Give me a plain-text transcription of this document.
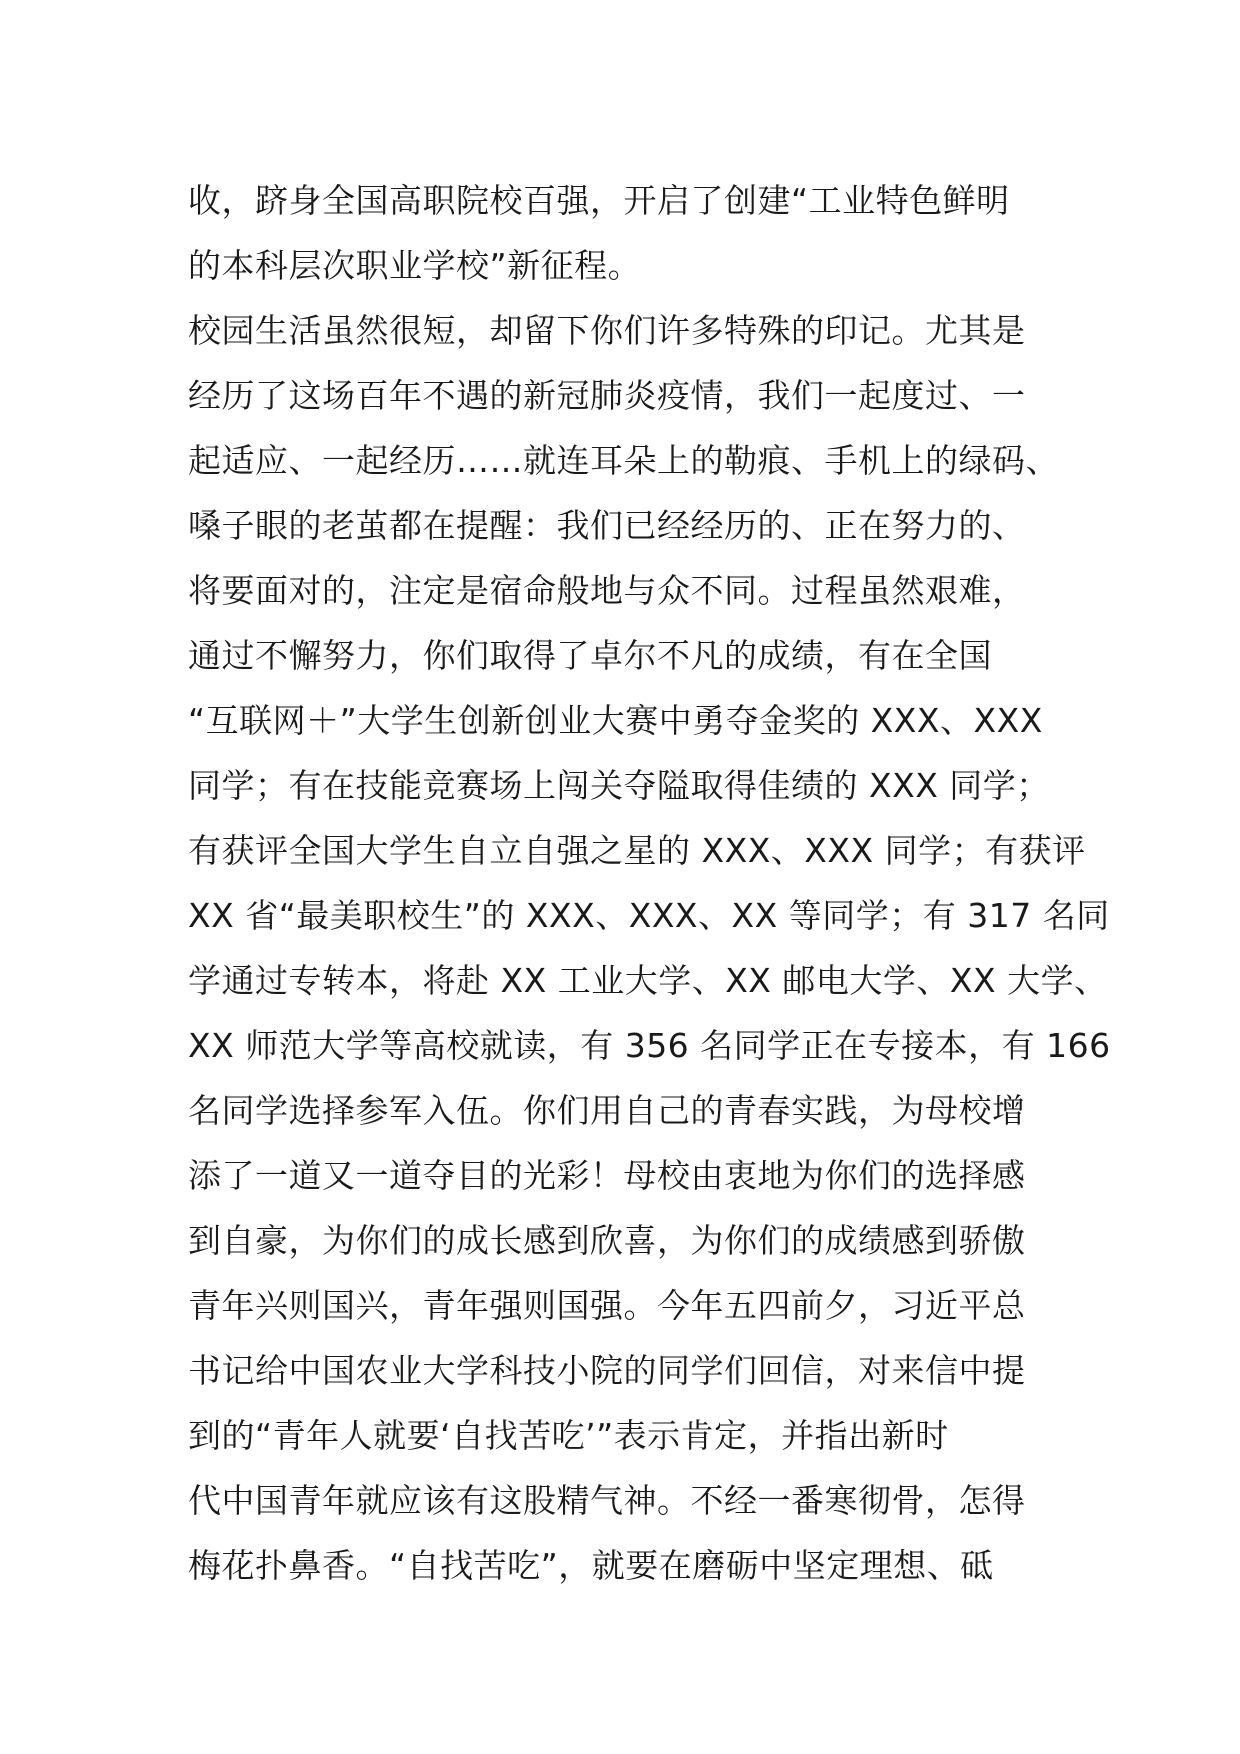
收，跻身全国高职院校百强，开启了创建“工业特色鲜明
的本科层次职业学校”新征程。
校园生活虽然很短，却留下你们许多特殊的印记。尤其是
经历了这场百年不遇的新冠肺炎疫情，我们一起度过、一
起适应、一起经历……就连耳朵上的勒痕、手机上的绿码、
嗓子眼的老茧都在提醒：我们已经经历的、正在努力的、
将要面对的，注定是宿命般地与众不同。过程虽然艰难，
通过不懈努力，你们取得了卓尔不凡的成绩，有在全国
“互联网＋”大学生创新创业大赛中勇夺金奖的 XXX、XXX
同学；有在技能竞赛场上闯关夺隘取得佳绩的 XXX 同学；
有获评全国大学生自立自强之星的 XXX、XXX 同学；有获评
XX 省“最美职校生”的 XXX、XXX、XX 等同学；有 317 名同
学通过专转本，将赴 XX 工业大学、XX 邮电大学、XX 大学、
XX 师范大学等高校就读，有 356 名同学正在专接本，有 166
名同学选择参军入伍。你们用自己的青春实践，为母校增
添了一道又一道夺目的光彩！母校由衷地为你们的选择感
到自豪，为你们的成长感到欣喜，为你们的成绩感到骄傲
青年兴则国兴，青年强则国强。今年五四前夕，习近平总
书记给中国农业大学科技小院的同学们回信，对来信中提
到的“青年人就要‘自找苦吃’”表示肯定，并指出新时
代中国青年就应该有这股精气神。不经一番寒彻骨，怎得
梅花扑鼻香。“自找苦吃”，就要在磨砺中坚定理想、砥
